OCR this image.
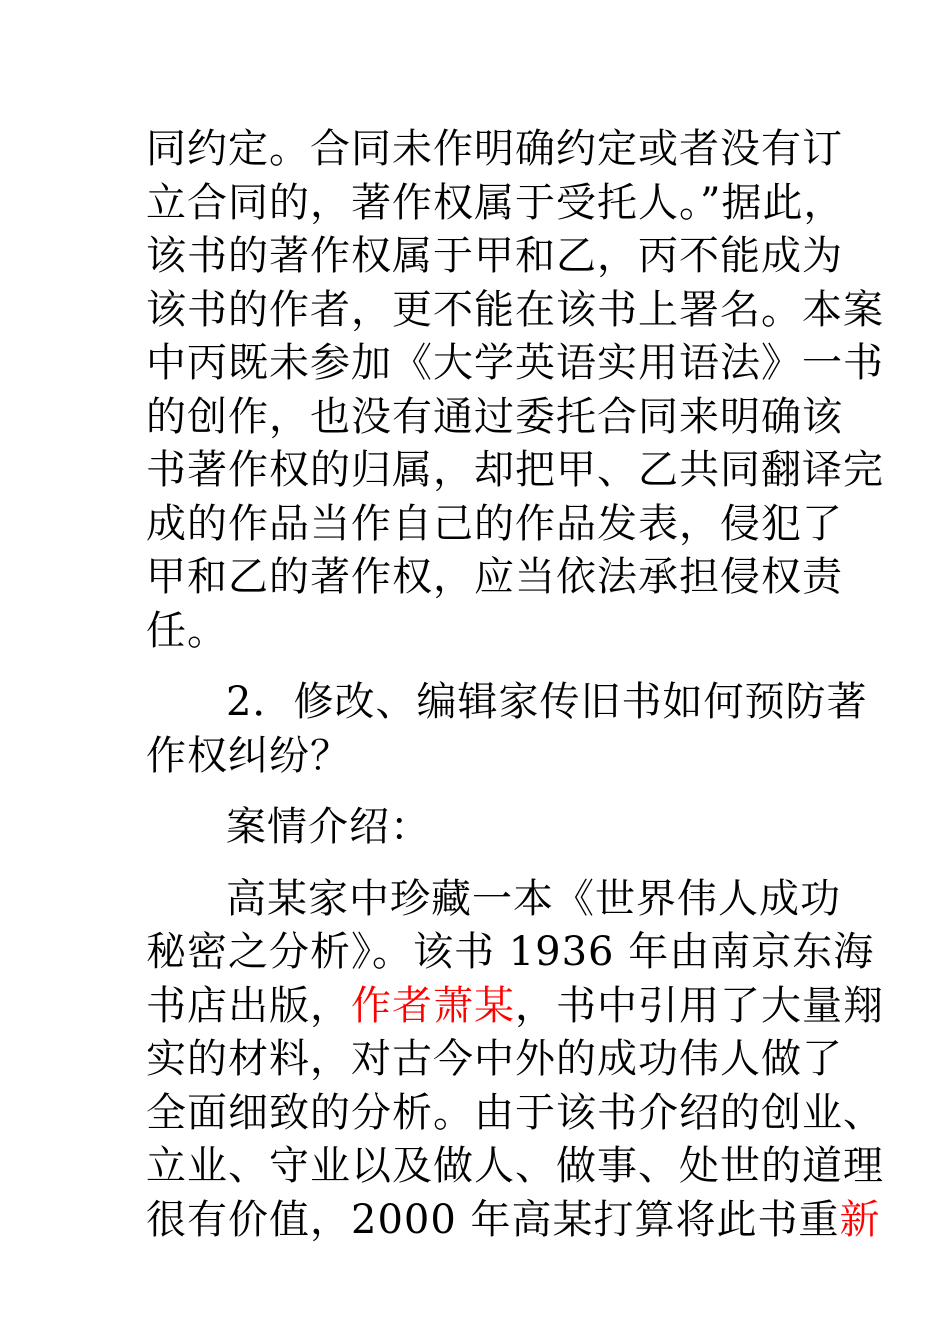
同约定。合同未作明确约定或者没有订
立合同的，著作权属于受托人。”据此，
该书的著作权属于甲和乙，丙不能成为
该书的作者，更不能在该书上署名。本案
中丙既未参加《大学英语实用语法》一书
的创作，也没有通过委托合同来明确该
书著作权的归属，却把甲、乙共同翻译完
成的作品当作自己的作品发表，侵犯了
甲和乙的著作权，应当依法承担侵权责
任。
2．修改、编辑家传旧书如何预防著
作权纠纷？
案情介绍：
高某家中珍藏一本《世界伟人成功
秘密之分析》。该书 1936 年由南京东海
书店出版，作者萧某，书中引用了大量翔
实的材料，对古今中外的成功伟人做了
全面细致的分析。由于该书介绍的创业、
立业、守业以及做人、做事、处世的道理
很有价值，2000 年高某打算将此书重新
